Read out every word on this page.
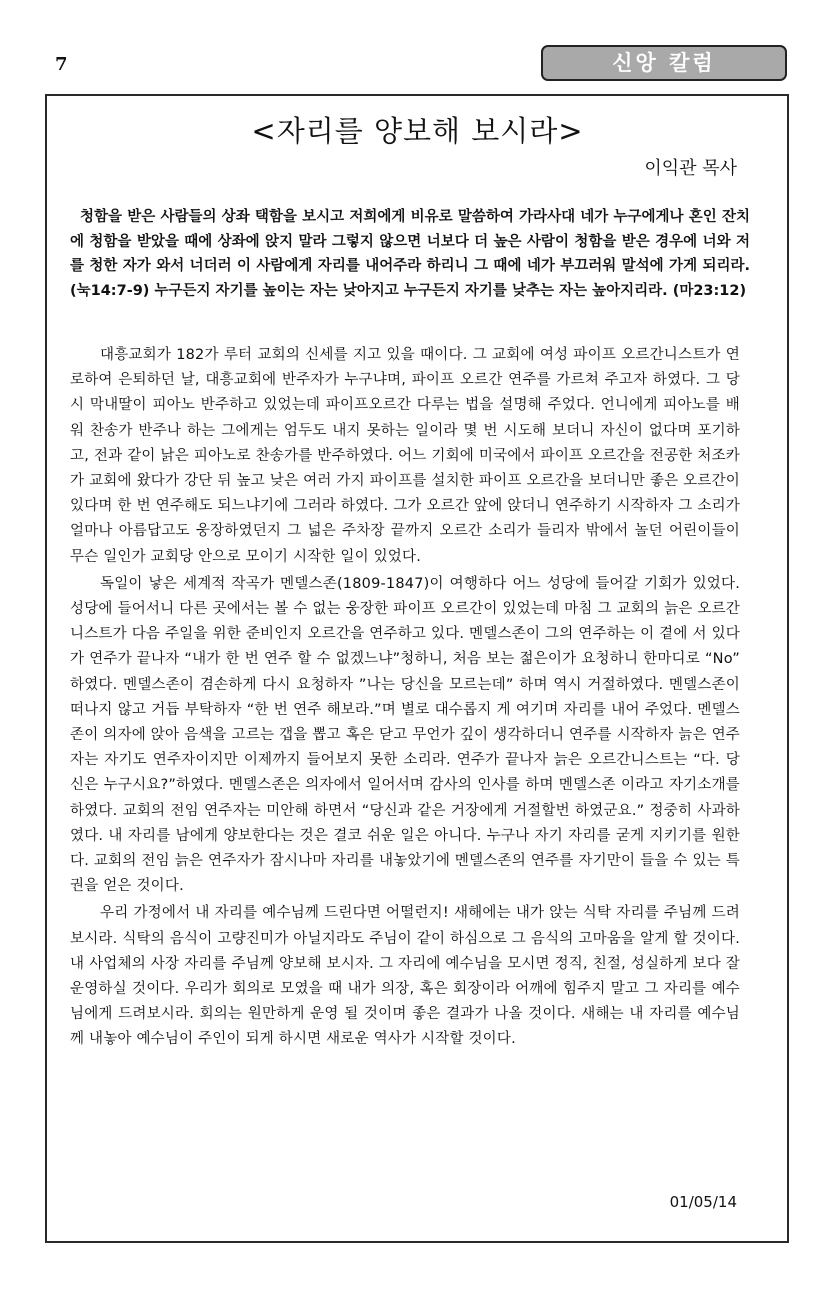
7	신앙 칼럼
<자리를 양보해 보시라>
이익관 목사
청함을 받은 사람들의 상좌 택함을 보시고 저희에게 비유로 말씀하여 가라사대 네가 누구에게나 혼인 잔치에 청함을 받았을 때에 상좌에 앉지 말라 그렇지 않으면 너보다 더 높은 사람이 청함을 받은 경우에 너와 저를 청한 자가 와서 너더러 이 사람에게 자리를 내어주라 하리니 그 때에 네가 부끄러워 말석에 가게 되리라. (눅14:7-9) 누구든지 자기를 높이는 자는 낮아지고 누구든지 자기를 낮추는 자는 높아지리라. (마23:12)

대흥교회가 182가 루터 교회의 신세를 지고 있을 때이다. 그 교회에 여성 파이프 오르간니스트가 연로하여 은퇴하던 날, 대흥교회에 반주자가 누구냐며, 파이프 오르간 연주를 가르쳐 주고자 하였다. 그 당시 막내딸이 피아노 반주하고 있었는데 파이프오르간 다루는 법을 설명해 주었다. 언니에게 피아노를 배워 찬송가 반주나 하는 그에게는 엄두도 내지 못하는 일이라 몇 번 시도해 보더니 자신이 없다며 포기하고, 전과 같이 낡은 피아노로 찬송가를 반주하였다. 어느 기회에 미국에서 파이프 오르간을 전공한 처조카가 교회에 왔다가 강단 뒤 높고 낮은 여러 가지 파이프를 설치한 파이프 오르간을 보더니만 좋은 오르간이 있다며 한 번 연주해도 되느냐기에 그러라 하였다. 그가 오르간 앞에 앉더니 연주하기 시작하자 그 소리가 얼마나 아름답고도 웅장하였던지 그 넓은 주차장 끝까지 오르간 소리가 들리자 밖에서 놀던 어린이들이 무슨 일인가 교회당 안으로 모이기 시작한 일이 있었다.

독일이 낳은 세계적 작곡가 멘델스존(1809-1847)이 여행하다 어느 성당에 들어갈 기회가 있었다. 성당에 들어서니 다른 곳에서는 볼 수 없는 웅장한 파이프 오르간이 있었는데 마침 그 교회의 늙은 오르간니스트가 다음 주일을 위한 준비인지 오르간을 연주하고 있다. 멘델스존이 그의 연주하는 이 곁에 서 있다가 연주가 끝나자 “내가 한 번 연주 할 수 없겠느냐”청하니, 처음 보는 젊은이가 요청하니 한마디로 “No” 하였다. 멘델스존이 겸손하게 다시 요청하자 ”나는 당신을 모르는데” 하며 역시 거절하였다. 멘델스존이 떠나지 않고 거듭 부탁하자 “한 번 연주 해보라.”며 별로 대수롭지 게 여기며 자리를 내어 주었다. 멘델스존이 의자에 앉아 음색을 고르는 갭을 뽑고 혹은 닫고 무언가 깊이 생각하더니 연주를 시작하자 늙은 연주자는 자기도 연주자이지만 이제까지 들어보지 못한 소리라. 연주가 끝나자 늙은 오르간니스트는 “다. 당신은 누구시요?”하였다. 멘델스존은 의자에서 일어서며 감사의 인사를 하며 멘델스존 이라고 자기소개를 하였다. 교회의 전임 연주자는 미안해 하면서 “당신과 같은 거장에게 거절할번 하였군요.” 정중히 사과하였다. 내 자리를 남에게 양보한다는 것은 결코 쉬운 일은 아니다. 누구나 자기 자리를 굳게 지키기를 원한다. 교회의 전임 늙은 연주자가 잠시나마 자리를 내놓았기에 멘델스존의 연주를 자기만이 들을 수 있는 특권을 얻은 것이다.

우리 가정에서 내 자리를 예수님께 드린다면 어떨런지! 새해에는 내가 앉는 식탁 자리를 주님께 드려 보시라. 식탁의 음식이 고량진미가 아닐지라도 주님이 같이 하심으로 그 음식의 고마움을 알게 할 것이다. 내 사업체의 사장 자리를 주님께 양보해 보시자. 그 자리에 예수님을 모시면 정직, 친절, 성실하게 보다 잘 운영하실 것이다. 우리가 회의로 모였을 때 내가 의장, 혹은 회장이라 어깨에 힘주지 말고 그 자리를 예수님에게 드려보시라. 회의는 원만하게 운영 될 것이며 좋은 결과가 나올 것이다. 새해는 내 자리를 예수님께 내놓아 예수님이 주인이 되게 하시면 새로운 역사가 시작할 것이다.

01/05/14
